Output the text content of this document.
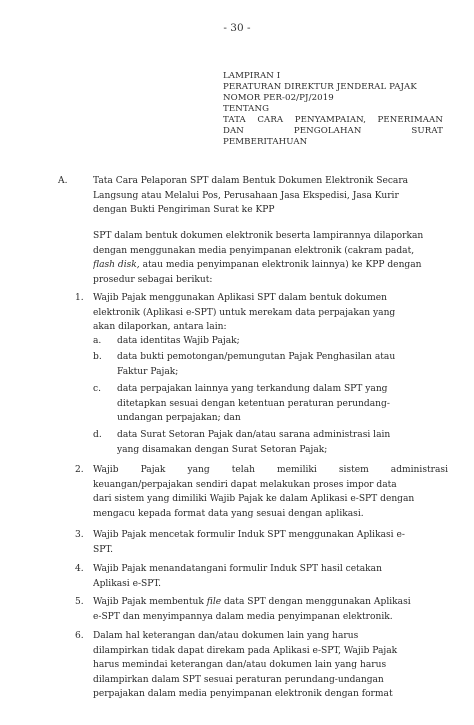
- 30 -
LAMPIRAN I
PERATURAN DIREKTUR JENDERAL PAJAK
NOMOR PER-02/PJ/2019
TENTANG
TATA CARA PENYAMPAIAN, PENERIMAAN
DAN	PENGOLAHAN	SURAT
PEMBERITAHUAN
A.	Tata Cara Pelaporan SPT dalam Bentuk Dokumen Elektronik Secara
Langsung atau Melalui Pos, Perusahaan Jasa Ekspedisi, Jasa Kurir
dengan Bukti Pengiriman Surat ke KPP
SPT dalam bentuk dokumen elektronik beserta lampirannya dilaporkan
dengan menggunakan media penyimpanan elektronik (cakram padat,
flash disk, atau media penyimpanan elektronik lainnya) ke KPP dengan
prosedur sebagai berikut:
1. Wajib Pajak menggunakan Aplikasi SPT dalam bentuk dokumen
elektronik (Aplikasi e-SPT) untuk merekam data perpajakan yang
akan dilaporkan, antara lain:
a. data identitas Wajib Pajak;
b. data bukti pemotongan/pemungutan Pajak Penghasilan atau
Faktur Pajak;
c. data perpajakan lainnya yang terkandung dalam SPT yang
ditetapkan sesuai dengan ketentuan peraturan perundang-
undangan perpajakan; dan
d. data Surat Setoran Pajak dan/atau sarana administrasi lain
yang disamakan dengan Surat Setoran Pajak;
2. Wajib Pajak yang telah memiliki sistem administrasi
keuangan/perpajakan sendiri dapat melakukan proses impor data
dari sistem yang dimiliki Wajib Pajak ke dalam Aplikasi e-SPT dengan
mengacu kepada format data yang sesuai dengan aplikasi.
3. Wajib Pajak mencetak formulir Induk SPT menggunakan Aplikasi e-
SPT.
4. Wajib Pajak menandatangani formulir Induk SPT hasil cetakan
Aplikasi e-SPT.
5. Wajib Pajak membentuk file data SPT dengan menggunakan Aplikasi
e-SPT dan menyimpannya dalam media penyimpanan elektronik.
6. Dalam hal keterangan dan/atau dokumen lain yang harus
dilampirkan tidak dapat direkam pada Aplikasi e-SPT, Wajib Pajak
harus memindai keterangan dan/atau dokumen lain yang harus
dilampirkan dalam SPT sesuai peraturan perundang-undangan
perpajakan dalam media penyimpanan elektronik dengan format
